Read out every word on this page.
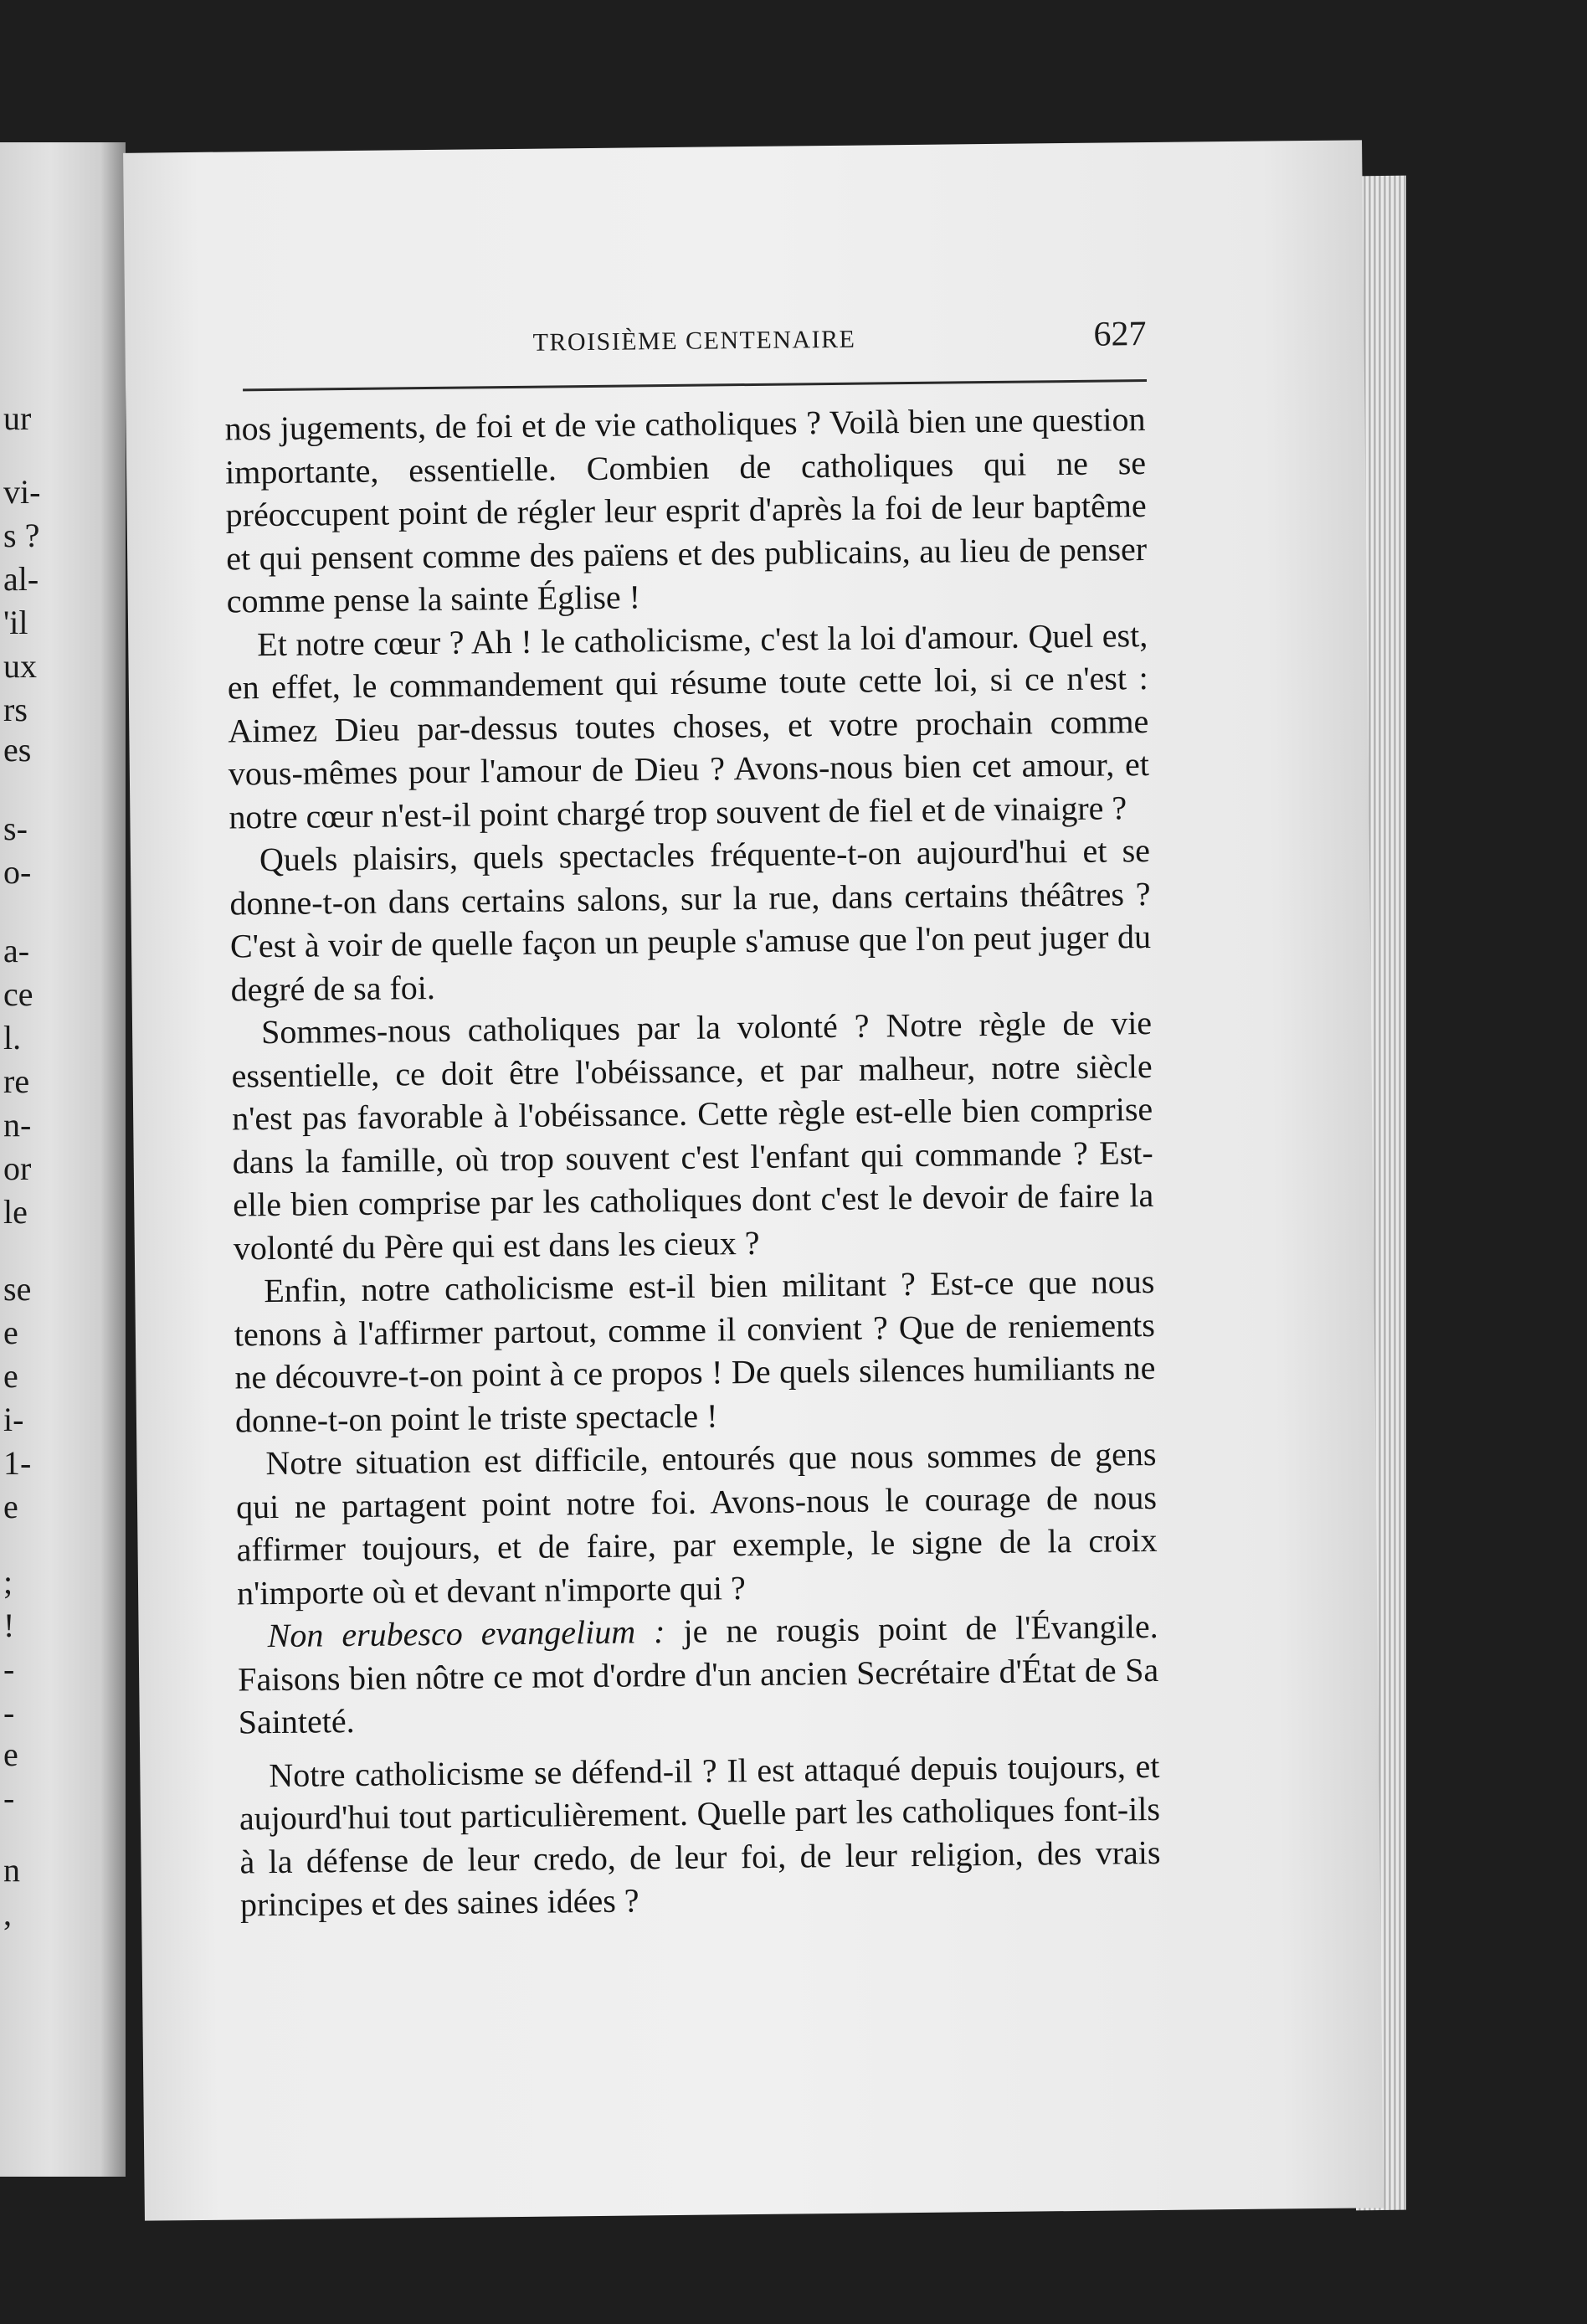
ur
vi-
s ?
al-
'il
ux
rs
es
s-
o-
a-
ce
l.
re
n-
or
le
se
e
e
i-
1-
e
;
!
-
-
e
-
n
,
TROISIÈME CENTENAIRE	627

nos jugements, de foi et de vie catholiques ? Voilà bien une question importante, essentielle. Combien de catholiques qui ne se préoccupent point de régler leur esprit d'après la foi de leur baptême et qui pensent comme des païens et des publicains, au lieu de penser comme pense la sainte Église !

Et notre cœur ? Ah ! le catholicisme, c'est la loi d'amour. Quel est, en effet, le commandement qui résume toute cette loi, si ce n'est : Aimez Dieu par-dessus toutes choses, et votre prochain comme vous-mêmes pour l'amour de Dieu ? Avons-nous bien cet amour, et notre cœur n'est-il point chargé trop souvent de fiel et de vinaigre ?

Quels plaisirs, quels spectacles fréquente-t-on aujourd'hui et se donne-t-on dans certains salons, sur la rue, dans certains théâtres ? C'est à voir de quelle façon un peuple s'amuse que l'on peut juger du degré de sa foi.

Sommes-nous catholiques par la volonté ? Notre règle de vie essentielle, ce doit être l'obéissance, et par malheur, notre siècle n'est pas favorable à l'obéissance. Cette règle est-elle bien comprise dans la famille, où trop souvent c'est l'enfant qui commande ? Est-elle bien comprise par les catholiques dont c'est le devoir de faire la volonté du Père qui est dans les cieux ?

Enfin, notre catholicisme est-il bien militant ? Est-ce que nous tenons à l'affirmer partout, comme il convient ? Que de reniements ne découvre-t-on point à ce propos ! De quels silences humiliants ne donne-t-on point le triste spectacle !

Notre situation est difficile, entourés que nous sommes de gens qui ne partagent point notre foi. Avons-nous le courage de nous affirmer toujours, et de faire, par exemple, le signe de la croix n'importe où et devant n'importe qui ?

Non erubesco evangelium : je ne rougis point de l'Évangile. Faisons bien nôtre ce mot d'ordre d'un ancien Secrétaire d'État de Sa Sainteté.

Notre catholicisme se défend-il ? Il est attaqué depuis toujours, et aujourd'hui tout particulièrement. Quelle part les catholiques font-ils à la défense de leur credo, de leur foi, de leur religion, des vrais principes et des saines idées ?
